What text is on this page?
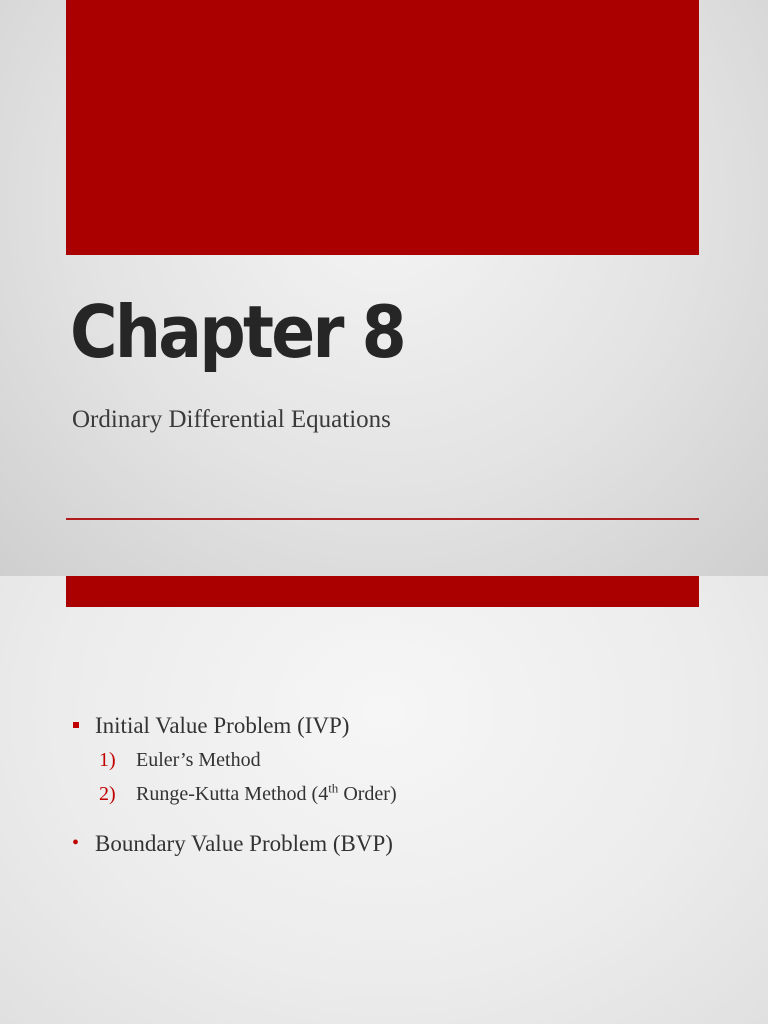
Chapter 8
Ordinary Differential Equations
Initial Value Problem (IVP)
1) Euler’s Method
2) Runge-Kutta Method (4th Order)
• Boundary Value Problem (BVP)
